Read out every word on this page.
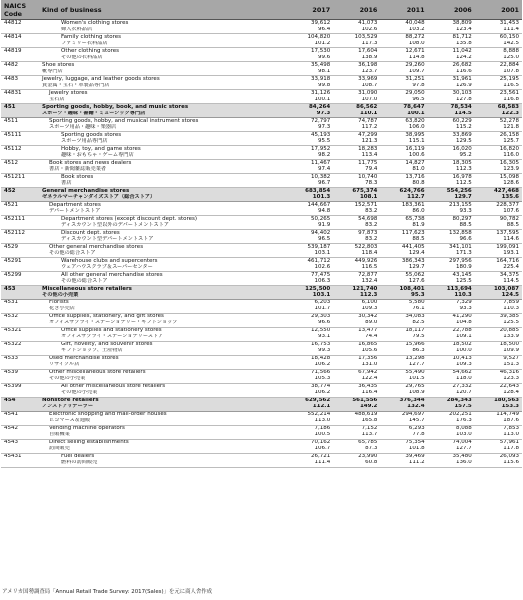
NAICS
Code	Kind of business	2017	2016	2011	2006	2001
44812	Women's clothing stores	39,612	41,073	40,048	38,809	31,453
	婦人衣料品店	96.4	102.6	103.2	123.4	111.4
44814	Family clothing stores	104,820	103,529	88,272	81,712	60,150
	ファミリー衣料品店	101.2	117.3	108.0	135.8	142.5
44819	Other clothing stores	17,530	17,604	12,671	11,042	8,888
	その他の衣料品店	99.6	138.9	114.8	124.2	125.0
4482	Shoe stores	35,498	36,198	29,260	26,682	22,884
	靴専門店	98.1	123.7	109.7	116.6	107.8
4483	Jewelry, luggage, and leather goods stores	33,918	33,969	31,251	31,961	25,195
	貴金属・宝石・革製品専門店	99.8	108.7	97.8	126.9	116.5
44831	Jewelry stores	31,126	31,090	29,050	30,103	23,561
	宝石店	100.1	107.0	96.5	127.8	116.8
451	Sporting goods, hobby, book, and music stores	84,264	86,562	78,647	78,534	68,583
	スポーツ・趣味・書籍・ミュージック専門店	97.3	110.1	100.1	114.5	122.3
4511	Sporting goods, hobby, and musical instrument stores	72,797	74,787	63,820	60,229	52,278
	スポーツ用品・趣味・楽器店	97.3	117.2	106.0	115.2	121.8
45111	Sporting goods stores	45,193	47,299	38,995	33,869	26,158
	スポーツ用品専門店	95.5	121.3	115.1	129.5	125.7
45112	Hobby, toy, and game stores	17,952	18,283	16,119	16,020	16,820
	趣味・おもちゃ・ゲーム専門店	98.2	113.4	100.6	95.2	116.0
4512	Book stores and news dealers	11,467	11,775	14,827	18,305	16,305
	書店・新聞雑誌販売業者	97.4	79.4	81.0	112.3	123.9
451211	Book stores	10,382	10,740	13,716	16,978	15,098
	書店	96.7	78.3	80.8	112.5	128.6
452	General merchandise stores	683,854	675,374	624,766	554,256	427,468
	ゼネラルマーチャンダイズストア（総合ストア）	101.3	108.1	112.7	129.7	135.6
4521	Department stores	144,667	152,571	183,361	213,155	228,377
	デパートメントストア	94.8	83.2	86.0	93.3	107.6
452111	Department stores (except discount dept. stores)	50,265	54,698	65,738	80,297	90,782
	ディスカウント型以外のデパートメントストア	91.9	83.2	81.9	88.5	88.5
452112	Discount dept. stores	94,402	97,873	117,623	132,858	137,595
	ディスカウント型デパートメントストア	96.5	83.2	88.5	96.6	114.6
4529	Other general merchandise stores	539,187	522,803	441,405	341,101	199,091
	その他の総合ストア	103.1	118.4	129.4	171.3	193.1
45291	Warehouse clubs and supercenters	461,712	449,926	386,343	297,956	164,716
	ウェアハウスクラブ＆スーパーセンター	102.6	116.5	129.7	180.9	225.4
45299	All other general merchandise stores	77,475	72,877	55,062	43,145	34,375
	その他の総合ストア	106.3	132.4	127.6	125.5	114.5
453	Miscellaneous store retailers	125,500	121,740	108,401	113,694	103,087
	その他の小売業	103.1	112.3	95.3	110.3	124.5
4531	Florists	6,203	6,100	5,580	7,329	7,859
	花き小売店	101.7	109.3	76.1	93.3	110.3
4532	Office supplies, stationery, and gift stores	29,303	30,342	34,083	41,290	39,385
	オフィスサプライ・ステーショナリー・ギフトショップ	96.6	89.0	82.5	104.8	125.5
45321	Office supplies and stationery stores	12,550	13,477	18,117	22,788	20,885
	オフィスサプライ・ステーショナリーストア	93.1	74.4	79.5	109.1	133.9
45322	Gift, novelty, and souvenir stores	16,753	16,865	15,966	18,502	18,500
	ギフトショップ、土産物店	99.3	105.6	86.3	100.0	109.9
4533	Used merchandise stores	18,428	17,356	13,298	10,413	9,527
	リサイクル店	106.2	131.0	127.7	109.3	151.3
4539	Other miscellaneous store retailers	71,566	67,942	55,490	54,662	46,316
	その他の小売業	105.3	122.4	101.5	118.0	123.3
45399	All other miscellaneous store retailers	38,774	36,435	29,765	27,332	22,643
	その他の小売業	106.2	116.4	108.9	120.7	128.4
454	Nonstore retailers	629,562	561,556	376,344	284,343	180,563
	ノンストアリテーラー	112.1	149.2	132.4	157.5	153.3
4541	Electronic shopping and mail-order houses	552,214	488,619	294,697	202,251	114,749
	Ｅコマース＆通販	113.0	165.8	145.7	176.3	187.6
4542	Vending machine operators	7,186	7,152	6,293	8,088	7,853
	自販機業	100.5	113.7	77.8	103.0	113.0
4543	Direct selling establishments	70,162	65,785	75,354	74,004	57,961
	訪問販売	106.7	87.3	101.8	127.7	117.8
45431	Fuel dealers	26,721	23,990	39,469	35,480	26,093
	燃料の訪問販売	111.4	60.8	111.2	136.0	115.6
アメリカ国勢調査局「Annual Retail Trade Survey: 2017(Sales)」を元に商人舎作成
